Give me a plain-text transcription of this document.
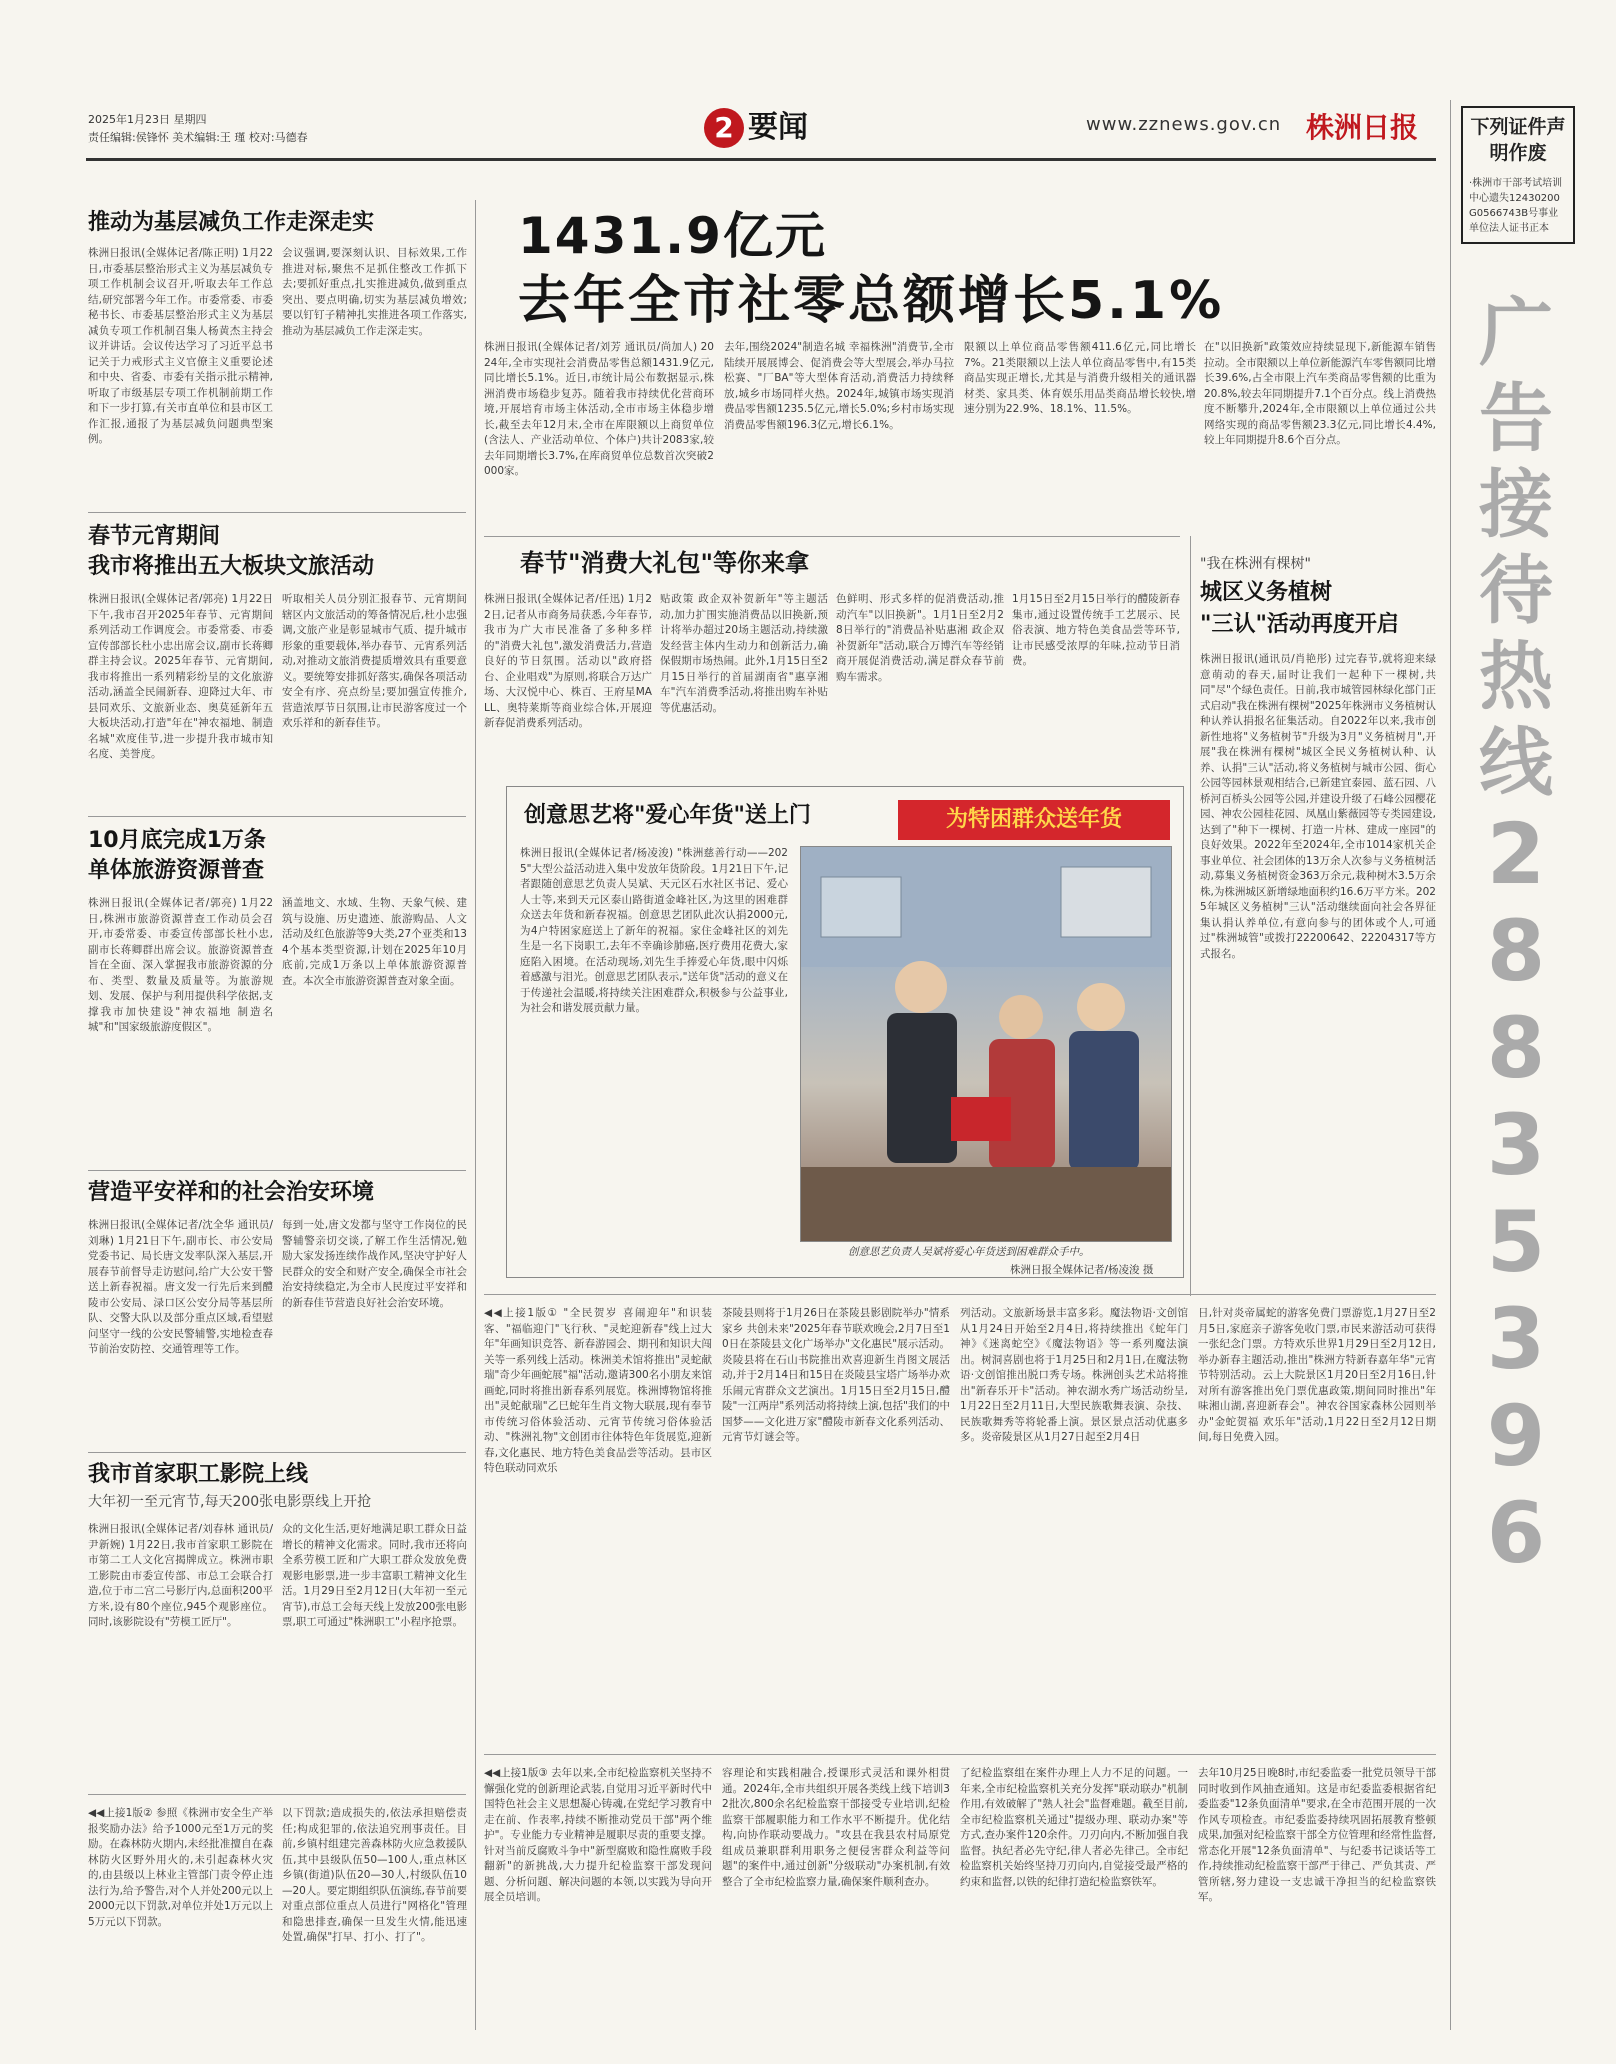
2025年1月23日 星期四
责任编辑:侯锋怀 美术编辑:王 瑾 校对:马德春	2 要闻	www.zznews.gov.cn 株洲日报	下列证件声明作废
·株洲市干部考试培训中心遗失12430200G0566743B号事业单位法人证书正本
广告接待热线
28835396
1431.9亿元
去年全市社零总额增长5.1%
株洲日报讯(全媒体记者/刘芳 通讯员/尚加人) 2024年,全市实现社会消费品零售总额1431.9亿元,同比增长5.1%。近日,市统计局公布数据显示,株洲消费市场稳步复苏。随着我市持续优化营商环境,开展培育市场主体活动,全市市场主体稳步增长,截至去年12月末,全市在库限额以上商贸单位(含法人、产业活动单位、个体户)共计2083家,较去年同期增长3.7%,在库商贸单位总数首次突破2000家。
去年,围绕2024"制造名城 幸福株洲"消费节,全市陆续开展展博会、促消费会等大型展会,举办马拉松赛、"厂BA"等大型体育活动,消费活力持续释放,城乡市场同样火热。2024年,城镇市场实现消费品零售额1235.5亿元,增长5.0%;乡村市场实现消费品零售额196.3亿元,增长6.1%。
限额以上单位商品零售额411.6亿元,同比增长7%。21类限额以上法人单位商品零售中,有15类商品实现正增长,尤其是与消费升级相关的通讯器材类、家具类、体育娱乐用品类商品增长较快,增速分别为22.9%、18.1%、11.5%。
在"以旧换新"政策效应持续显现下,新能源车销售拉动。全市限额以上单位新能源汽车零售额同比增长39.6%,占全市限上汽车类商品零售额的比重为20.8%,较去年同期提升7.1个百分点。线上消费热度不断攀升,2024年,全市限额以上单位通过公共网络实现的商品零售额23.3亿元,同比增长4.4%,较上年同期提升8.6个百分点。
推动为基层减负工作走深走实
株洲日报讯(全媒体记者/陈正明) 1月22日,市委基层整治形式主义为基层减负专项工作机制会议召开,听取去年工作总结,研究部署今年工作。市委常委、市委秘书长、市委基层整治形式主义为基层减负专项工作机制召集人杨黄杰主持会议并讲话。会议传达学习了习近平总书记关于力戒形式主义官僚主义重要论述和中央、省委、市委有关指示批示精神,听取了市级基层专项工作机制前期工作和下一步打算,有关市直单位和县市区工作汇报,通报了为基层减负问题典型案例。
会议强调,要深刻认识、目标效果,工作推进对标,聚焦不足抓住整改工作抓下去;要抓好重点,扎实推进减负,做到重点突出、要点明确,切实为基层减负增效;要以钉钉子精神扎实推进各项工作落实,推动为基层减负工作走深走实。
春节元宵期间
我市将推出五大板块文旅活动
株洲日报讯(全媒体记者/郭亮) 1月22日下午,我市召开2025年春节、元宵期间系列活动工作调度会。市委常委、市委宣传部部长杜小忠出席会议,副市长蒋卿群主持会议。2025年春节、元宵期间,我市将推出一系列精彩纷呈的文化旅游活动,涵盖全民闹新春、迎降过大年、市县同欢乐、文旅新业态、奥莫延新年五大板块活动,打造"年在"神农福地、制造名城"欢度佳节,进一步提升我市城市知名度、美誉度。
听取相关人员分别汇报春节、元宵期间辖区内文旅活动的筹备情况后,杜小忠强调,文旅产业是彰显城市气质、提升城市形象的重要载体,举办春节、元宵系列活动,对推动文旅消费提质增效具有重要意义。要统筹安排抓好落实,确保各项活动安全有序、亮点纷呈;要加强宣传推介,营造浓厚节日氛围,让市民游客度过一个欢乐祥和的新春佳节。
10月底完成1万条
单体旅游资源普查
株洲日报讯(全媒体记者/郭亮) 1月22日,株洲市旅游资源普查工作动员会召开,市委常委、市委宣传部部长杜小忠,副市长蒋卿群出席会议。旅游资源普查旨在全面、深入掌握我市旅游资源的分布、类型、数量及质量等。为旅游规划、发展、保护与利用提供科学依据,支撑我市加快建设"神农福地 制造名城"和"国家级旅游度假区"。
涵盖地文、水域、生物、天象气候、建筑与设施、历史遗迹、旅游购品、人文活动及红色旅游等9大类,27个亚类和134个基本类型资源,计划在2025年10月底前,完成1万条以上单体旅游资源普查。本次全市旅游资源普查对象全面。
营造平安祥和的社会治安环境
株洲日报讯(全媒体记者/沈全华 通讯员/刘琳) 1月21日下午,副市长、市公安局党委书记、局长唐文发率队深入基层,开展春节前督导走访慰问,给广大公安干警送上新春祝福。唐文发一行先后来到醴陵市公安局、渌口区公安分局等基层所队、交警大队以及部分重点区域,看望慰问坚守一线的公安民警辅警,实地检查春节前治安防控、交通管理等工作。
每到一处,唐文发都与坚守工作岗位的民警辅警亲切交谈,了解工作生活情况,勉励大家发扬连续作战作风,坚决守护好人民群众的安全和财产安全,确保全市社会治安持续稳定,为全市人民度过平安祥和的新春佳节营造良好社会治安环境。
我市首家职工影院上线
大年初一至元宵节,每天200张电影票线上开抢
株洲日报讯(全媒体记者/刘春林 通讯员/尹新婉) 1月22日,我市首家职工影院在市第二工人文化宫揭牌成立。株洲市职工影院由市委宣传部、市总工会联合打造,位于市二宫二号影厅内,总面积200平方米,设有80个座位,945个观影座位。同时,该影院设有"劳模工匠厅"。
众的文化生活,更好地满足职工群众日益增长的精神文化需求。同时,我市还将向全系劳模工匠和广大职工群众发放免费观影电影票,进一步丰富职工精神文化生活。1月29日至2月12日(大年初一至元宵节),市总工会每天线上发放200张电影票,职工可通过"株洲职工"小程序抢票。
◀◀上接1版② 参照《株洲市安全生产举报奖励办法》给予1000元至1万元的奖励。在森林防火期内,未经批准擅自在森林防火区野外用火的,未引起森林火灾的,由县级以上林业主管部门责令停止违法行为,给予警告,对个人并处200元以上2000元以下罚款,对单位并处1万元以上5万元以下罚款。
以下罚款;造成损失的,依法承担赔偿责任;构成犯罪的,依法追究刑事责任。目前,乡镇村组建完善森林防火应急救援队伍,其中县级队伍50—100人,重点林区乡镇(街道)队伍20—30人,村级队伍10—20人。要定期组织队伍演练,春节前要对重点部位重点人员进行"网格化"管理和隐患排查,确保一旦发生火情,能迅速处置,确保"打早、打小、打了"。
春节"消费大礼包"等你来拿
株洲日报讯(全媒体记者/任迅) 1月22日,记者从市商务局获悉,今年春节,我市为广大市民准备了多种多样的"消费大礼包",激发消费活力,营造良好的节日氛围。活动以"政府搭台、企业唱戏"为原则,将联合万达广场、大汉悦中心、株百、王府星MALL、奥特莱斯等商业综合体,开展迎新春促消费系列活动。
贴政策 政企双补贺新年"等主题活动,加力扩围实施消费品以旧换新,预计将举办超过20场主题活动,持续激发经营主体内生动力和创新活力,确保假期市场热闹。此外,1月15日至2月15日举行的首届湖南省"惠享湘车"汽车消费季活动,将推出购车补贴等优惠活动。
色鲜明、形式多样的促消费活动,推动汽车"以旧换新"。1月1日至2月28日举行的"消费品补贴惠湘 政企双补贺新年"活动,联合万博汽车等经销商开展促消费活动,满足群众春节前购车需求。
1月15日至2月15日举行的醴陵新春集市,通过设置传统手工艺展示、民俗表演、地方特色美食品尝等环节,让市民感受浓厚的年味,拉动节日消费。
创意思艺将"爱心年货"送上门	为特困群众送年货
株洲日报讯(全媒体记者/杨凌浚) "株洲慈善行动——2025"大型公益活动进入集中发放年货阶段。1月21日下午,记者跟随创意思艺负责人吴斌、天元区石水社区书记、爱心人士等,来到天元区泰山路街道金峰社区,为这里的困难群众送去年货和新春祝福。创意思艺团队此次认捐2000元,为4户特困家庭送上了新年的祝福。家住金峰社区的刘先生是一名下岗职工,去年不幸确诊肺癌,医疗费用花费大,家庭陷入困境。在活动现场,刘先生手捧爱心年货,眼中闪烁着感激与泪光。创意思艺团队表示,"送年货"活动的意义在于传递社会温暖,将持续关注困难群众,积极参与公益事业,为社会和谐发展贡献力量。
创意思艺负责人吴斌将爱心年货送到困难群众手中。
株洲日报全媒体记者/杨凌浚 摄
"我在株洲有棵树"
城区义务植树
"三认"活动再度开启
株洲日报讯(通讯员/肖艳彤) 过完春节,就将迎来绿意萌动的春天,届时让我们一起种下一棵树,共同"尽"个绿色责任。日前,我市城管园林绿化部门正式启动"我在株洲有棵树"2025年株洲市义务植树认种认养认捐报名征集活动。自2022年以来,我市创新性地将"义务植树节"升级为3月"义务植树月",开展"我在株洲有棵树"城区全民义务植树认种、认养、认捐"三认"活动,将义务植树与城市公园、街心公园等园林景观相结合,已新建宜泰园、蓝石园、八桥河百桥头公园等公园,并建设升级了石峰公园樱花园、神农公园桂花园、凤凰山紫薇园等专类园建设,达到了"种下一棵树、打造一片林、建成一座园"的良好效果。2022年至2024年,全市1014家机关企事业单位、社会团体的13万余人次参与义务植树活动,募集义务植树资金363万余元,栽种树木3.5万余株,为株洲城区新增绿地面积约16.6万平方米。2025年城区义务植树"三认"活动继续面向社会各界征集认捐认养单位,有意向参与的团体或个人,可通过"株洲城管"或拨打22200642、22204317等方式报名。
◀◀上接1版① "全民贺岁 喜闹迎年"和识装客、"福临迎门"飞行秋、"灵蛇迎新春"线上过大年"年画知识竞答、新春游园会、期刊和知识大闯关等一系列线上活动。株洲美术馆将推出"灵蛇献瑞"奇少年画蛇展"福"活动,邀请300名小朋友来馆画蛇,同时将推出新春系列展览。株洲博物馆将推出"灵蛇献瑞"乙巳蛇年生肖文物大联展,现有奉节市传统习俗体验活动、元宵节传统习俗体验活动、"株洲礼物"文创团市往体特色年货展览,迎新春,文化惠民、地方特色美食品尝等活动。县市区特色联动同欢乐
茶陵县则将于1月26日在茶陵县影剧院举办"情系家乡 共创未来"2025年春节联欢晚会,2月7日至10日在茶陵县文化广场举办"文化惠民"展示活动。炎陵县将在石山书院推出欢喜迎新生肖图文展活动,并于2月14日和15日在炎陵县宝塔广场举办欢乐闹元宵群众文艺演出。1月15日至2月15日,醴陵"一江两岸"系列活动将持续上演,包括"我们的中国梦——文化进万家"醴陵市新春文化系列活动、元宵节灯谜会等。
列活动。文旅新场景丰富多彩。魔法物语·文创馆从1月24日开始至2月4日,将持续推出《蛇年门神》《迷离蛇空》《魔法物语》等一系列魔法演出。树洞喜剧也将于1月25日和2月1日,在魔法物语·文创馆推出脱口秀专场。株洲创头艺术站将推出"新春乐开卡"活动。神农湖水秀广场活动纷呈,1月22日至2月11日,大型民族歌舞表演、杂技、民族歌舞秀等将轮番上演。景区景点活动优惠多多。炎帝陵景区从1月27日起至2月4日
日,针对炎帝属蛇的游客免费门票游览,1月27日至2月5日,家庭亲子游客免收门票,市民来游活动可获得一张纪念门票。方特欢乐世界1月29日至2月12日,举办新春主题活动,推出"株洲方特新春嘉年华"元宵节特别活动。云上大院景区1月20日至2月16日,针对所有游客推出免门票优惠政策,期间同时推出"年味湘山湖,喜迎新春会"。神农谷国家森林公园则举办"金蛇贺福 欢乐年"活动,1月22日至2月12日期间,每日免费入园。
◀◀上接1版③ 去年以来,全市纪检监察机关坚持不懈强化党的创新理论武装,自觉用习近平新时代中国特色社会主义思想凝心铸魂,在党纪学习教育中走在前、作表率,持续不断推动党员干部"两个维护"。专业能力专业精神是履职尽责的重要支撑。针对当前反腐败斗争中"新型腐败和隐性腐败手段翻新"的新挑战,大力提升纪检监察干部发现问题、分析问题、解决问题的本领,以实践为导向开展全员培训。
容理论和实践相融合,授课形式灵活和课外相贯通。2024年,全市共组织开展各类线上线下培训32批次,800余名纪检监察干部接受专业培训,纪检监察干部履职能力和工作水平不断提升。优化结构,向协作联动要战力。"攻县在我县农村局原党组成员兼职群利用职务之便侵害群众利益等问题"的案件中,通过创新"分级联动"办案机制,有效整合了全市纪检监察力量,确保案件顺利查办。
了纪检监察组在案件办理上人力不足的问题。一年来,全市纪检监察机关充分发挥"联动联办"机制作用,有效破解了"熟人社会"监督难题。截至目前,全市纪检监察机关通过"提级办理、联动办案"等方式,查办案件120余件。刀刃向内,不断加强自我监督。执纪者必先守纪,律人者必先律己。全市纪检监察机关始终坚持刀刃向内,自觉接受最严格的约束和监督,以铁的纪律打造纪检监察铁军。
去年10月25日晚8时,市纪委监委一批党员领导干部同时收到作风抽查通知。这是市纪委监委根据省纪委监委"12条负面清单"要求,在全市范围开展的一次作风专项检查。市纪委监委持续巩固拓展教育整顿成果,加强对纪检监察干部全方位管理和经常性监督,常态化开展"12条负面清单"、与纪委书记谈话等工作,持续推动纪检监察干部严于律己、严负其责、严管所辖,努力建设一支忠诚干净担当的纪检监察铁军。
